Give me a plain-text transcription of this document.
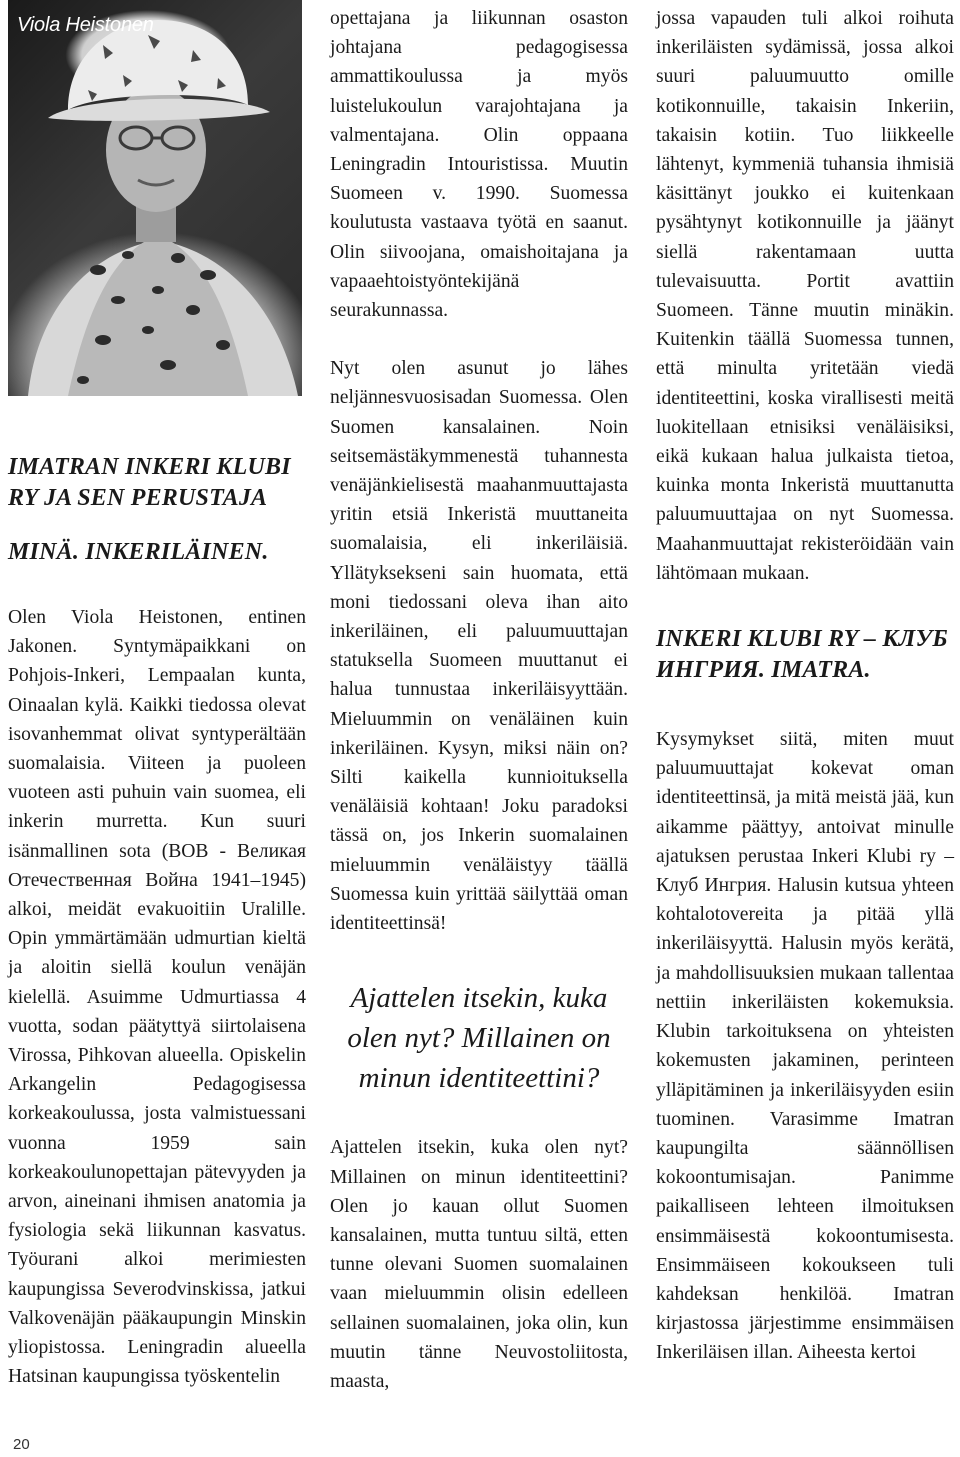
Viola Heistonen
IMATRAN INKERI KLUBI RY JA SEN PERUSTAJA
MINÄ. INKERILÄINEN.

Olen Viola Heistonen, entinen Jakonen. Syntymäpaikkani on Pohjois-Inkeri, Lempaalan kunta, Oinaalan kylä. Kaikki tiedossa olevat isovanhemmat olivat syntyperältään suomalaisia. Viiteen ja puoleen vuoteen asti puhuin vain suomea, eli inkerin murretta. Kun suuri isänmallinen sota (ВОВ - Великая Отечественная Война 1941–1945) alkoi, meidät evakuoitiin Uralille. Opin ymmärtämään udmurtian kieltä ja aloitin siellä koulun venäjän kielellä. Asuimme Udmurtiassa 4 vuotta, sodan päätyttyä siirtolaisena Virossa, Pihkovan alueella. Opiskelin Arkangelin Pedagogisessa korkeakoulussa, josta valmistuessani vuonna 1959 sain korkeakoulunopettajan pätevyyden ja arvon, aineinani ihmisen anatomia ja fysiologia sekä liikunnan kasvatus. Työurani alkoi merimiesten kaupungissa Severodvinskissa, jatkui Valkovenäjän pääkaupungin Minskin yliopistossa. Leningradin alueella Hatsinan kaupungissa työskentelin

opettajana ja liikunnan osaston johtajana pedagogisessa ammattikoulussa ja myös luistelukoulun varajohtajana ja valmentajana. Olin oppaana Leningradin Intouristissa. Muutin Suomeen v. 1990. Suomessa koulutusta vastaava työtä en saanut. Olin siivoojana, omaishoitajana ja vapaaehtoistyöntekijänä seurakunnassa.

Nyt olen asunut jo lähes neljännesvuosisadan Suomessa. Olen Suomen kansalainen. Noin seitsemästäkymmenestä tuhannesta venäjänkielisestä maahanmuuttajasta yritin etsiä Inkeristä muuttaneita suomalaisia, eli inkeriläisiä. Yllätyksekseni sain huomata, että moni tiedossani oleva ihan aito inkeriläinen, eli paluumuuttajan statuksella Suomeen muuttanut ei halua tunnustaa inkeriläisyyttään. Mieluummin on venäläinen kuin inkeriläinen. Kysyn, miksi näin on? Silti kaikella kunnioituksella venäläisiä kohtaan! Joku paradoksi tässä on, jos Inkerin suomalainen mieluummin venäläistyy täällä Suomessa kuin yrittää säilyttää oman identiteettinsä!

Ajattelen itsekin, kuka olen nyt? Millainen on minun identiteettini?

Ajattelen itsekin, kuka olen nyt? Millainen on minun identiteettini? Olen jo kauan ollut Suomen kansalainen, mutta tuntuu siltä, etten tunne olevani Suomen suomalainen vaan mieluummin olisin edelleen sellainen suomalainen, joka olin, kun muutin tänne Neuvostoliitosta, maasta,

jossa vapauden tuli alkoi roihuta inkeriläisten sydämissä, jossa alkoi suuri paluumuutto omille kotikonnuille, takaisin Inkeriin, takaisin kotiin. Tuo liikkeelle lähtenyt, kymmeniä tuhansia ihmisiä käsittänyt joukko ei kuitenkaan pysähtynyt kotikonnuille ja jäänyt siellä rakentamaan uutta tulevaisuutta. Portit avattiin Suomeen. Tänne muutin minäkin. Kuitenkin täällä Suomessa tunnen, että minulta yritetään viedä identiteettini, koska virallisesti meitä luokitellaan etnisiksi venäläisiksi, eikä kukaan halua julkaista tietoa, kuinka monta Inkeristä muuttanutta paluumuuttajaa on nyt Suomessa. Maahanmuuttajat rekisteröidään vain lähtömaan mukaan.

INKERI KLUBI RY – КЛУБ ИНГРИЯ. IMATRA.

Kysymykset siitä, miten muut paluumuuttajat kokevat oman identiteettinsä, ja mitä meistä jää, kun aikamme päättyy, antoivat minulle ajatuksen perustaa Inkeri Klubi ry – Клуб Ингрия. Halusin kutsua yhteen kohtalotovereita ja pitää yllä inkeriläisyyttä. Halusin myös kerätä, ja mahdollisuuksien mukaan tallentaa nettiin inkeriläisten kokemuksia. Klubin tarkoituksena on yhteisten kokemusten jakaminen, perinteen ylläpitäminen ja inkeriläisyyden esiin tuominen. Varasimme Imatran kaupungilta säännöllisen kokoontumisajan. Panimme paikalliseen lehteen ilmoituksen ensimmäisestä kokoontumisesta. Ensimmäiseen kokoukseen tuli kahdeksan henkilöä. Imatran kirjastossa järjestimme ensimmäisen Inkeriläisen illan. Aiheesta kertoi

20
